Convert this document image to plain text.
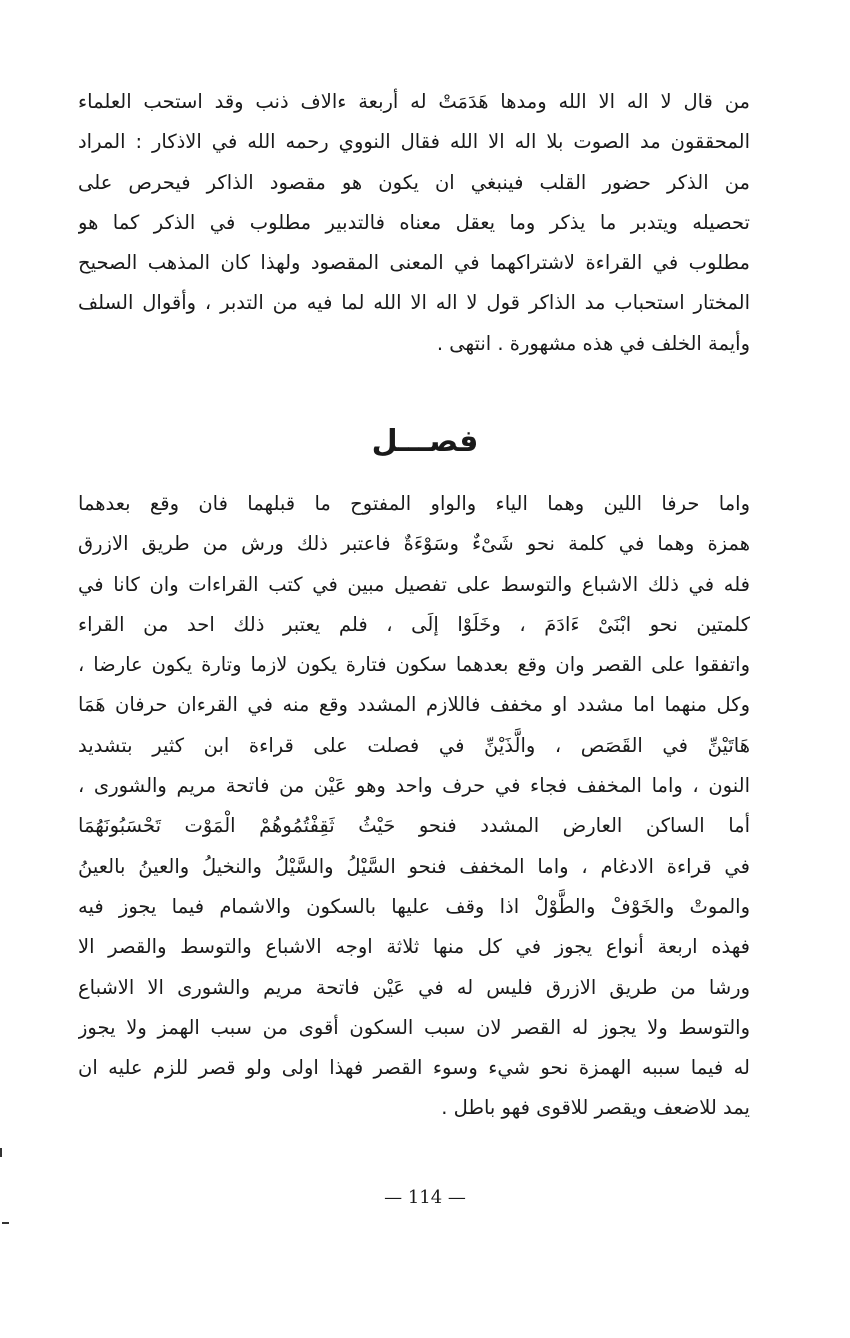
من قال لا اله الا الله ومدها هَدَمَتْ له أربعة ءالاف ذنب وقد استحب العلماء
المحققون مد الصوت بلا اله الا الله فقال النووي رحمه الله في الاذكار : المراد
من الذكر حضور القلب فينبغي ان يكون هو مقصود الذاكر فيحرص على
تحصيله ويتدبر ما يذكر وما يعقل معناه فالتدبير مطلوب في الذكر كما هو
مطلوب في القراءة لاشتراكهما في المعنى المقصود ولهذا كان المذهب الصحيح
المختار استحباب مد الذاكر قول لا اله الا الله لما فيه من التدبر ، وأقوال السلف
وأيمة الخلف في هذه مشهورة . انتهى .
فصـــل
واما حرفا اللين وهما الياء والواو المفتوح ما قبلهما فان وقع بعدهما
همزة وهما في كلمة نحو شَىْءٌ وسَوْءَةٌ فاعتبر ذلك ورش من طريق الازرق
فله في ذلك الاشباع والتوسط على تفصيل مبين في كتب القراءات وان كانا في
كلمتين نحو ابْنَىْ ءَادَمَ ، وخَلَوْا إلَى ، فلم يعتبر ذلك احد من القراء
واتفقوا على القصر وان وقع بعدهما سكون فتارة يكون لازما وتارة يكون عارضا ،
وكل منهما اما مشدد او مخفف فاللازم المشدد وقع منه في القرءان حرفان هَمَا
هَاتَيْنِّ في القَصَص ، والَّذَيْنِّ في فصلت على قراءة ابن كثير بتشديد
النون ، واما المخفف فجاء في حرف واحد وهو عَيْن من فاتحة مريم والشورى ،
أما الساكن العارض المشدد فنحو حَيْثُ ثَقِفْتُمُوهُمْ الْمَوْت تَحْسَبُونَهُمَا
في قراءة الادغام ، واما المخفف فنحو السَّيْلُ والسَّيْلُ والنخيلُ والعينُ بالعينُ
والموتْ والخَوْفْ والطَّوْلْ اذا وقف عليها بالسكون والاشمام فيما يجوز فيه
فهذه اربعة أنواع يجوز في كل منها ثلاثة اوجه الاشباع والتوسط والقصر الا
ورشا من طريق الازرق فليس له في عَيْن فاتحة مريم والشورى الا الاشباع
والتوسط ولا يجوز له القصر لان سبب السكون أقوى من سبب الهمز ولا يجوز
له فيما سببه الهمزة نحو شيء وسوء القصر فهذا اولى ولو قصر للزم عليه ان
يمد للاضعف ويقصر للاقوى فهو باطل .
— 114 —
